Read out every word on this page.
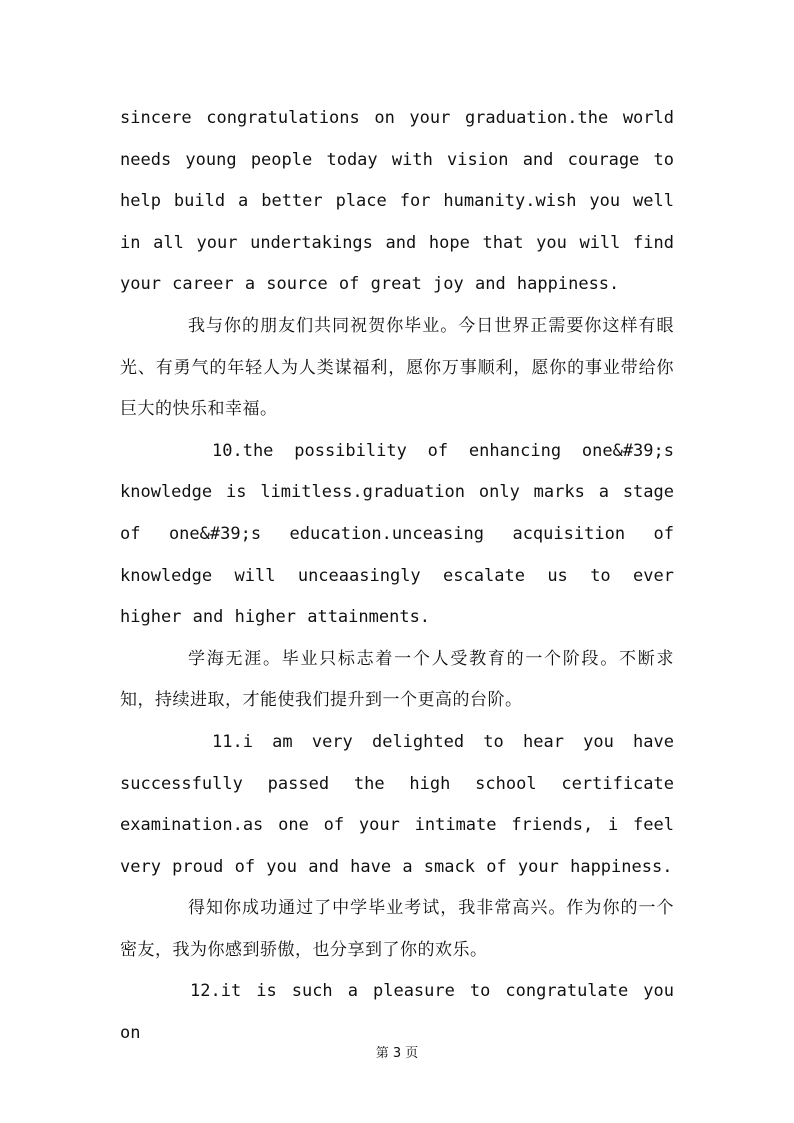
sincere congratulations on your graduation.the world needs young people today with vision and courage to help build a better place for humanity.wish you well in all your undertakings and hope that you will find your career a source of great joy and happiness.

我与你的朋友们共同祝贺你毕业。今日世界正需要你这样有眼光、有勇气的年轻人为人类谋福利，愿你万事顺利，愿你的事业带给你巨大的快乐和幸福。

10.the possibility of enhancing one&#39;s knowledge is limitless.graduation only marks a stage of one&#39;s education.unceasing acquisition of knowledge will unceaasingly escalate us to ever higher and higher attainments.

学海无涯。毕业只标志着一个人受教育的一个阶段。不断求知，持续进取，才能使我们提升到一个更高的台阶。

11.i am very delighted to hear you have successfully passed the high school certificate examination.as one of your intimate friends, i feel very proud of you and have a smack of your happiness.

得知你成功通过了中学毕业考试，我非常高兴。作为你的一个密友，我为你感到骄傲，也分享到了你的欢乐。

12.it is such a pleasure to congratulate you on

第 3 页
